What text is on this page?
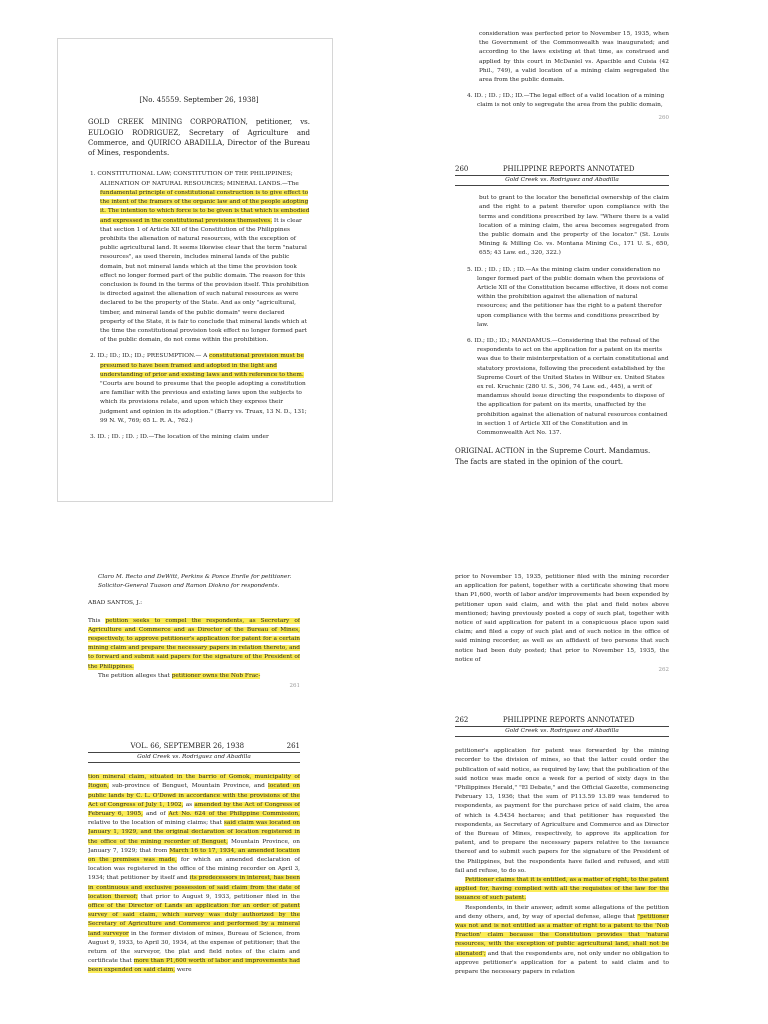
[No. 45559. September 26, 1938]

GOLD CREEK MINING CORPORATION, petitioner, vs. EULOGIO RODRIGUEZ, Secretary of Agriculture and Commerce, and QUIRICO ABADILLA, Director of the Bureau of Mines, respondents.

1. CONSTITUTIONAL LAW; CONSTITUTION OF THE PHILIPPINES; ALIENATION OF NATURAL RESOURCES; MINERAL LANDS.—The fundamental principle of constitutional construction is to give effect to the intent of the framers of the organic law and of the people adopting it. The intention to which force is to be given is that which is embodied and expressed in the constitutional provisions themselves. It is clear that section 1 of Article XII of the Constitution of the Philippines prohibits the alienation of natural resources, with the exception of public agricultural land. It seems likewise clear that the term "natural resources", as used therein, includes mineral lands of the public domain, but not mineral lands which at the time the provision took effect no longer formed part of the public domain. The reason for this conclusion is found in the terms of the provision itself. This prohibition is directed against the alienation of such natural resources as were declared to be the property of the State. And as only "agricultural, timber, and mineral lands of the public domain" were declared property of the State, it is fair to conclude that mineral lands which at the time the constitutional provision took effect no longer formed part of the public domain, do not come within the prohibition.
2. ID.; ID.; ID.; ID.; PRESUMPTION.— A constitutional provision must be presumed to have been framed and adopted in the light and understanding of prior and existing laws and with reference to them. "Courts are bound to presume that the people adopting a constitution are familiar with the previous and existing laws upon the subjects to which its provisions relate, and upon which they express their judgment and opinion in its adoption." (Barry vs. Truax, 13 N. D., 131; 99 N. W., 769; 65 L. R. A., 762.)
3. ID. ; ID. ; ID. ; ID.—The location of the mining claim under

consideration was perfected prior to November 15, 1935, when the Government of the Commonwealth was inaugurated; and according to the laws existing at that time, as construed and applied by this court in McDaniel vs. Apacible and Cuisia (42 Phil., 749), a valid location of a mining claim segregated the area from the public domain.

4. ID. ; ID. ; ID.; ID.—The legal effect of a valid location of a mining claim is not only to segregate the area from the public domain,
260
260	PHILIPPINE REPORTS ANNOTATED
Gold Creek vs. Rodriguez and Abadilla

but to grant to the locator the beneficial ownership of the claim and the right to a patent therefor upon compliance with the terms and conditions prescribed by law. "Where there is a valid location of a mining claim, the area becomes segregated from the public domain and the property of the locator." (St. Louis Mining & Milling Co. vs. Montana Mining Co., 171 U. S., 650, 655; 43 Law. ed., 320, 322.)

5. ID. ; ID. ; ID. ; ID.—As the mining claim under consideration no longer formed part of the public domain when the provisions of Article XII of the Constitution became effective, it does not come within the prohibition against the alienation of natural resources; and the petitioner has the right to a patent therefor upon compliance with the terms and conditions prescribed by law.
6. ID.; ID.; ID.; MANDAMUS.—Considering that the refusal of the respondents to act on the application for a patent on its merits was due to their misinterpretation of a certain constitutional and statutory provisions, following the precedent established by the Supreme Court of the United States in Wilbur ex. United States ex rel. Kruchnic (280 U. S., 306, 74 Law. ed., 445), a writ of mandamus should issue directing the respondents to dispose of the application for patent on its merits, unaffected by the prohibition against the alienation of natural resources contained in section 1 of Article XII of the Constitution and in Commonwealth Act No. 137.
ORIGINAL ACTION in the Supreme Court. Mandamus.
The facts are stated in the opinion of the court.

Claro M. Recto and DeWitt, Perkins & Ponce Enrile for petitioner.

Solicitor-General Tuason and Ramon Diokno for respondents.

ABAD SANTOS, J.:

This petition seeks to compel the respondents, as Secretary of Agriculture and Commerce and as Director of the Bureau of Mines, respectively, to approve petitioner's application for patent for a certain mining claim and prepare the necessary papers in relation thereto, and to forward and submit said papers for the signature of the President of the Philippines.

The petition alleges that petitioner owns the Nob Frac-

261

prior to November 15, 1935, petitioner filed with the mining recorder an application for patent, together with a certificate showing that more than P1,600, worth of labor and/or improvements had been expended by petitioner upon said claim, and with the plat and field notes above mentioned; having previously posted a copy of such plat, together with notice of said application for patent in a conspicuous place upon said claim; and filed a copy of such plat and of such notice in the office of said mining recorder, as well as an affidavit of two persons that such notice had been duly posted; that prior to November 15, 1935, the notice of

262
VOL. 66, SEPTEMBER 26, 1938	261
Gold Creek vs. Rodriguez and Abadilla

tion mineral claim, situated in the barrio of Gomok, municipality of Itogon, sub-province of Benguet, Mountain Province, and located on public lands by C. L. O'Dowd in accordance with the provisions of the Act of Congress of July 1, 1902, as amended by the Act of Congress of February 6, 1905, and of Act No. 624 of the Philippine Commission, relative to the location of mining claims; that said claim was located on January 1, 1929, and the original declaration of location registered in the office of the mining recorder of Benguet, Mountain Province, on January 7, 1929; that from March 16 to 17, 1934, an amended location on the premises was made, for which an amended declaration of location was registered in the office of the mining recorder on April 3, 1934; that petitioner by itself and its predecessors in interest, has been in continuous and exclusive possession of said claim from the date of location thereof; that prior to August 9, 1933, petitioner filed in the office of the Director of Lands an application for an order of patent survey of said claim, which survey was duly authorized by the Secretary of Agriculture and Commerce and performed by a mineral land surveyor in the former division of mines, Bureau of Science, from August 9, 1933, to April 30, 1934, at the expense of petitioner; that the return of the surveyor, the plat and field notes of the claim and certificate that more than P1,600 worth of labor and improvements had been expended on said claim, were

262	PHILIPPINE REPORTS ANNOTATED
Gold Creek vs. Rodriguez and Abadilla

petitioner's application for patent was forwarded by the mining recorder to the division of mines, so that the latter could order the publication of said notice, as required by law; that the publication of the said notice was made once a week for a period of sixty days in the "Philippines Herald," "El Debate," and the Official Gazette, commencing February 13, 1936; that the sum of P113.59 13.89 was tendered to respondents, as payment for the purchase price of said claim, the area of which is 4.5434 hectares; and that petitioner has requested the respondents, as Secretary of Agriculture and Commerce and as Director of the Bureau of Mines, respectively, to approve its application for patent, and to prepare the necessary papers relative to the issuance thereof and to submit such papers for the signature of the President of the Philippines, but the respondents have failed and refused, and still fail and refuse, to do so.

Petitioner claims that it is entitled, as a matter of right, to the patent applied for, having complied with all the requisites of the law for the issuance of such patent.

Respondents, in their answer, admit some allegations of the petition and deny others, and, by way of special defense, allege that "petitioner was not and is not entitled as a matter of right to a patent to the 'Nob Fraction' claim because the Constitution provides that 'natural resources, with the exception of public agricultural land, shall not be alienated'; and that the respondents are, not only under no obligation to approve petitioner's application for a patent to said claim and to prepare the necessary papers in relation
